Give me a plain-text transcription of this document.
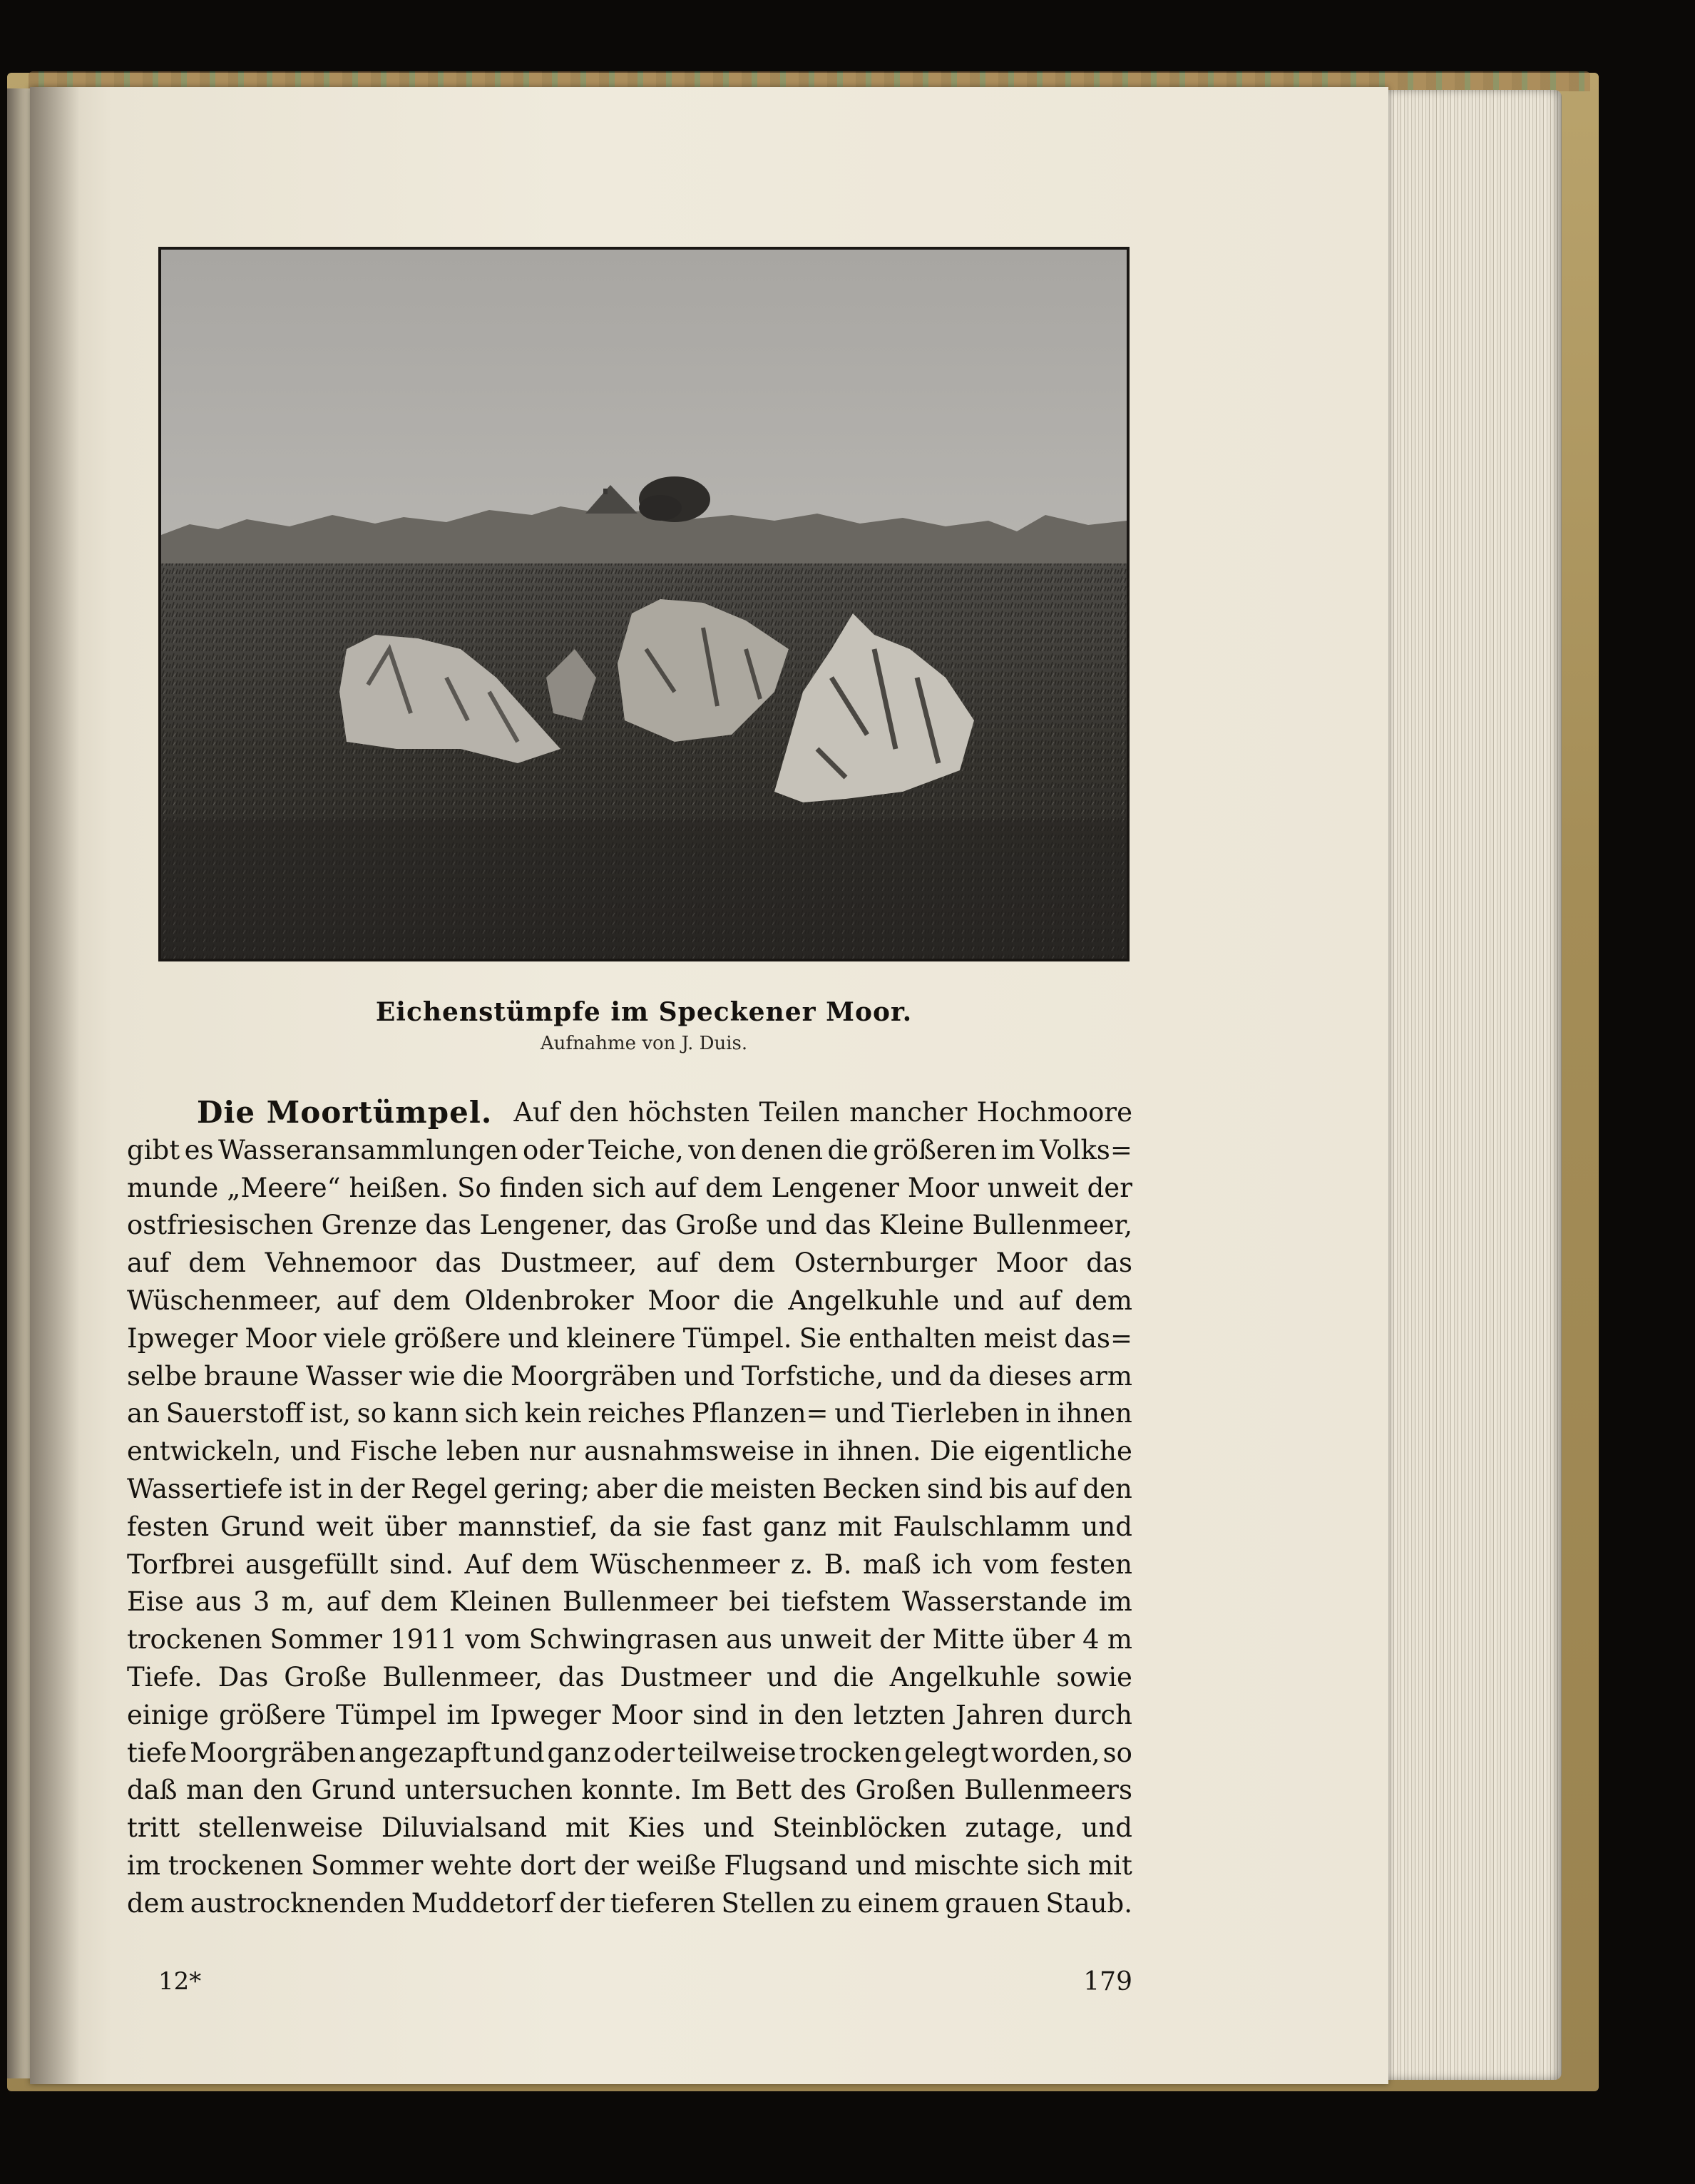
Eichenstümpfe im Speckener Moor.
Aufnahme von J. Duis.
Die Moortümpel. Auf den höchsten Teilen mancher Hochmoore
gibt es Wasseransammlungen oder Teiche, von denen die größeren im Volks=
munde „Meere“ heißen. So finden sich auf dem Lengener Moor unweit der
ostfriesischen Grenze das Lengener, das Große und das Kleine Bullenmeer,
auf dem Vehnemoor das Dustmeer, auf dem Osternburger Moor das
Wüschenmeer, auf dem Oldenbroker Moor die Angelkuhle und auf dem
Ipweger Moor viele größere und kleinere Tümpel. Sie enthalten meist das=
selbe braune Wasser wie die Moorgräben und Torfstiche, und da dieses arm
an Sauerstoff ist, so kann sich kein reiches Pflanzen= und Tierleben in ihnen
entwickeln, und Fische leben nur ausnahmsweise in ihnen. Die eigentliche
Wassertiefe ist in der Regel gering; aber die meisten Becken sind bis auf den
festen Grund weit über mannstief, da sie fast ganz mit Faulschlamm und
Torfbrei ausgefüllt sind. Auf dem Wüschenmeer z. B. maß ich vom festen
Eise aus 3 m, auf dem Kleinen Bullenmeer bei tiefstem Wasserstande im
trockenen Sommer 1911 vom Schwingrasen aus unweit der Mitte über 4 m
Tiefe. Das Große Bullenmeer, das Dustmeer und die Angelkuhle sowie
einige größere Tümpel im Ipweger Moor sind in den letzten Jahren durch
tiefe Moorgräben angezapft und ganz oder teilweise trocken gelegt worden, so
daß man den Grund untersuchen konnte. Im Bett des Großen Bullenmeers
tritt stellenweise Diluvialsand mit Kies und Steinblöcken zutage, und
im trockenen Sommer wehte dort der weiße Flugsand und mischte sich mit
dem austrocknenden Muddetorf der tieferen Stellen zu einem grauen Staub.
12*	179
